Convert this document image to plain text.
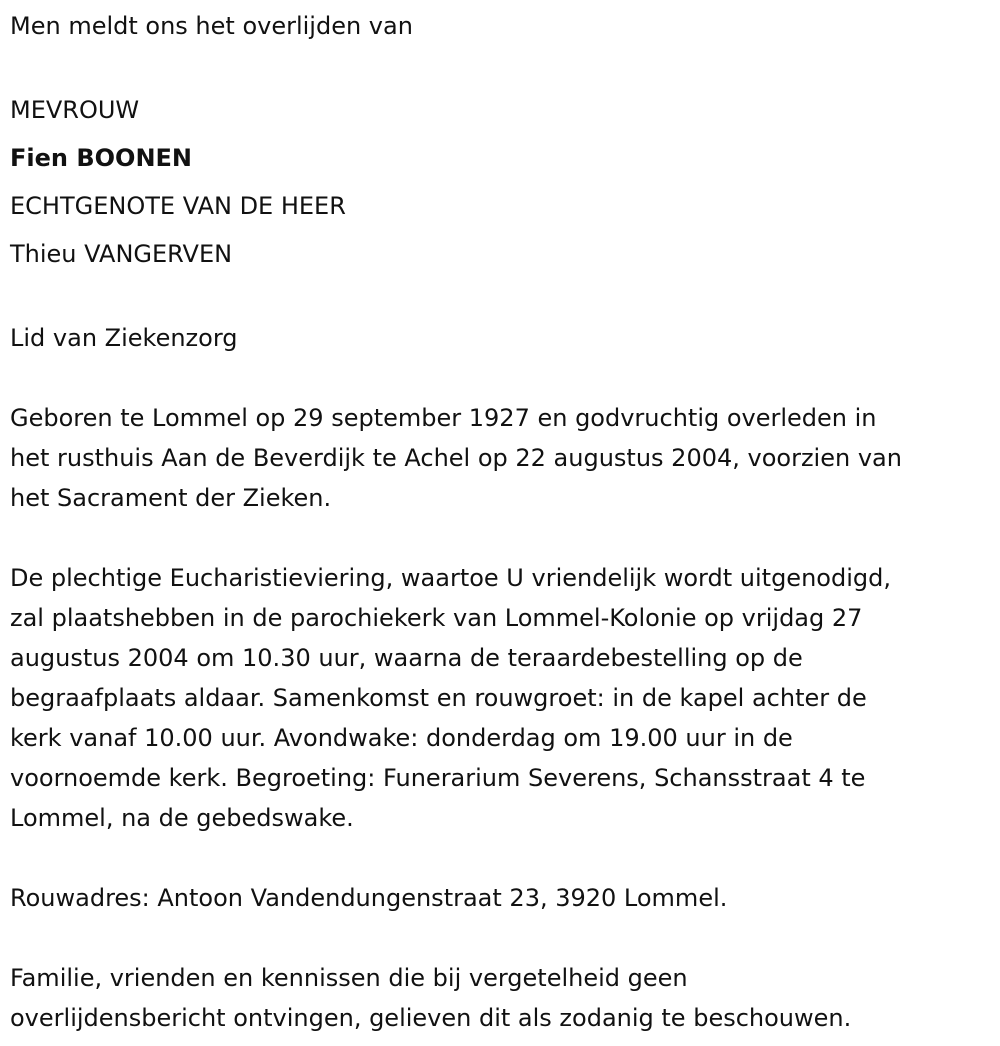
Men meldt ons het overlijden van

MEVROUW

Fien BOONEN

ECHTGENOTE VAN DE HEER

Thieu VANGERVEN

Lid van Ziekenzorg

Geboren te Lommel op 29 september 1927 en godvruchtig overleden in
het rusthuis Aan de Beverdijk te Achel op 22 augustus 2004, voorzien van
het Sacrament der Zieken.
De plechtige Eucharistieviering, waartoe U vriendelijk wordt uitgenodigd,
zal plaatshebben in de parochiekerk van Lommel-Kolonie op vrijdag 27
augustus 2004 om 10.30 uur, waarna de teraardebestelling op de
begraafplaats aldaar. Samenkomst en rouwgroet: in de kapel achter de
kerk vanaf 10.00 uur. Avondwake: donderdag om 19.00 uur in de
voornoemde kerk. Begroeting: Funerarium Severens, Schansstraat 4 te
Lommel, na de gebedswake.

Rouwadres: Antoon Vandendungenstraat 23, 3920 Lommel.

Familie, vrienden en kennissen die bij vergetelheid geen
overlijdensbericht ontvingen, gelieven dit als zodanig te beschouwen.
